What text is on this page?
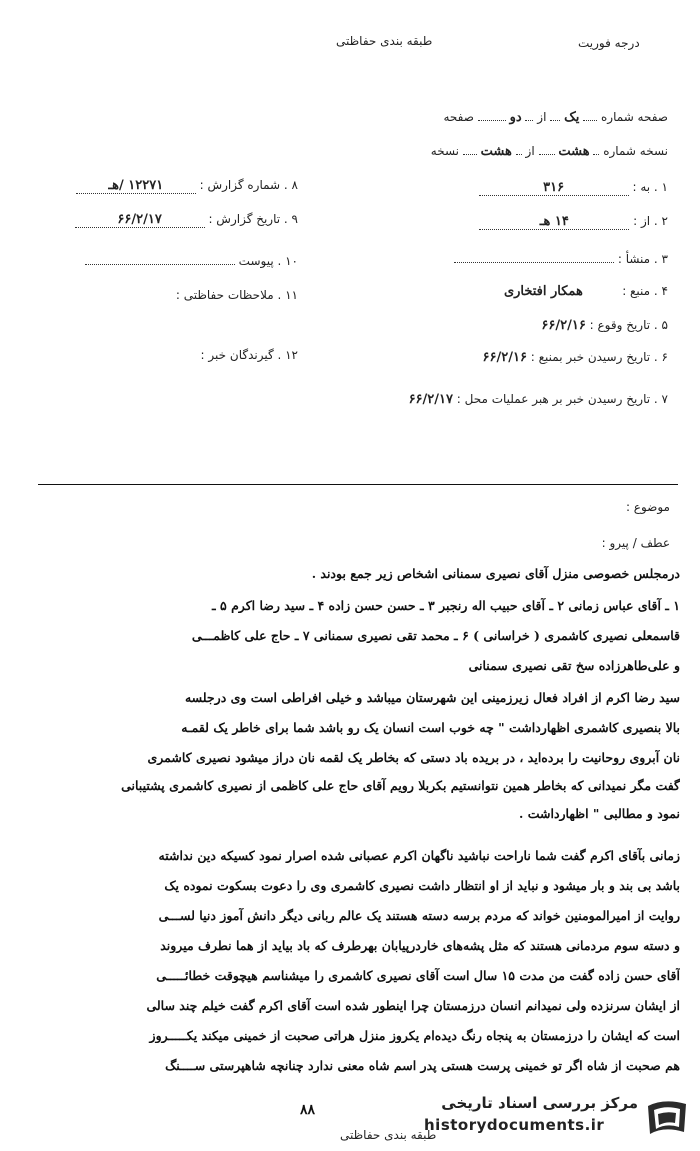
طبقه بندی حفاظتی	درجه فوریت
صفحه شماره  یک  از  دو  صفحه
نسخه شماره  هشت  از  هشت  نسخه
۸ . شماره گزارش : ۱۲۲۷۱ /هـ
۹ . تاریخ گزارش : ۶۶/۲/۱۷
۱۰ . پیوست
۱۱ . ملاحظات حفاظتی :
۱۲ . گیرندگان خبر :
۱ . به : ۳۱۶
۲ . از : ۱۴ هـ
۳ . منشأ :
۴ . منبع : همکار افتخاری
۵ . تاریخ وقوع : ۶۶/۲/۱۶
۶ . تاریخ رسیدن خبر بمنبع : ۶۶/۲/۱۶
۷ . تاریخ رسیدن خبر بر هبر عملیات محل : ۶۶/۲/۱۷
موضوع :
عطف / پیرو :
درمجلس خصوصی منزل آقای نصیری سمنانی اشخاص زیر جمع بودند .
۱ ـ آقای عباس زمانی ۲ ـ آقای حبیب اله رنجبر ۳ ـ حسن حسن زاده ۴ ـ سید رضا اکرم ۵ ـ
قاسمعلی نصیری کاشمری ( خراسانی ) ۶ ـ محمد تقی نصیری سمنانی ۷ ـ حاج علی کاظمـــی
و علی‌طاهرزاده سخ تقی نصیری سمنانی
سید رضا اکرم از افراد فعال زیرزمینی این شهرستان میباشد و خیلی افراطی است وی درجلسه
بالا بنصیری کاشمری اظهارداشت " چه خوب است انسان یک رو باشد شما برای خاطر یک لقمـه
نان آبروی روحانیت را برده‌اید ، در بریده باد دستی که بخاطر یک لقمه نان دراز میشود نصیری کاشمری
گفت مگر نمیدانی که بخاطر همین نتوانستیم بکربلا رویم آقای حاج علی کاظمی از نصیری کاشمری پشتیبانی
نمود و مطالبی " اظهارداشت .
زمانی بآقای اکرم گفت شما ناراحت نباشید ناگهان اکرم عصبانی شده اصرار نمود کسیکه دین نداشته
باشد بی بند و بار میشود و نباید از او انتظار داشت نصیری کاشمری وی را دعوت بسکوت نموده یک
روایت از امیرالمومنین خواند که مردم برسه دسته هستند یک عالم ربانی دیگر دانش آموز دنیا لســـی
و دسته سوم مردمانی هستند که مثل پشه‌های خاردرپیابان بهرطرف که باد بیاید از هما نطرف میروند
آقای حسن زاده گفت من مدت ۱۵ سال است آقای نصیری کاشمری را میشناسم هیچوقت خطائـــــی
از ایشان سرنزده ولی نمیدانم انسان درزمستان چرا اینطور شده است آقای اکرم گفت خیلم چند سالی
است که ایشان را درزمستان به پنجاه رنگ دیده‌ام یکروز منزل هراتی صحبت از خمینی میکند یکـــــروز
هم صحبت از شاه اگر تو خمینی پرست هستی پدر اسم شاه معنی ندارد چنانچه شاهپرستی ســــنگ
۸۸
طبقه بندی حفاظتی
مرکز بررسی اسناد تاریخی
historydocuments.ir
